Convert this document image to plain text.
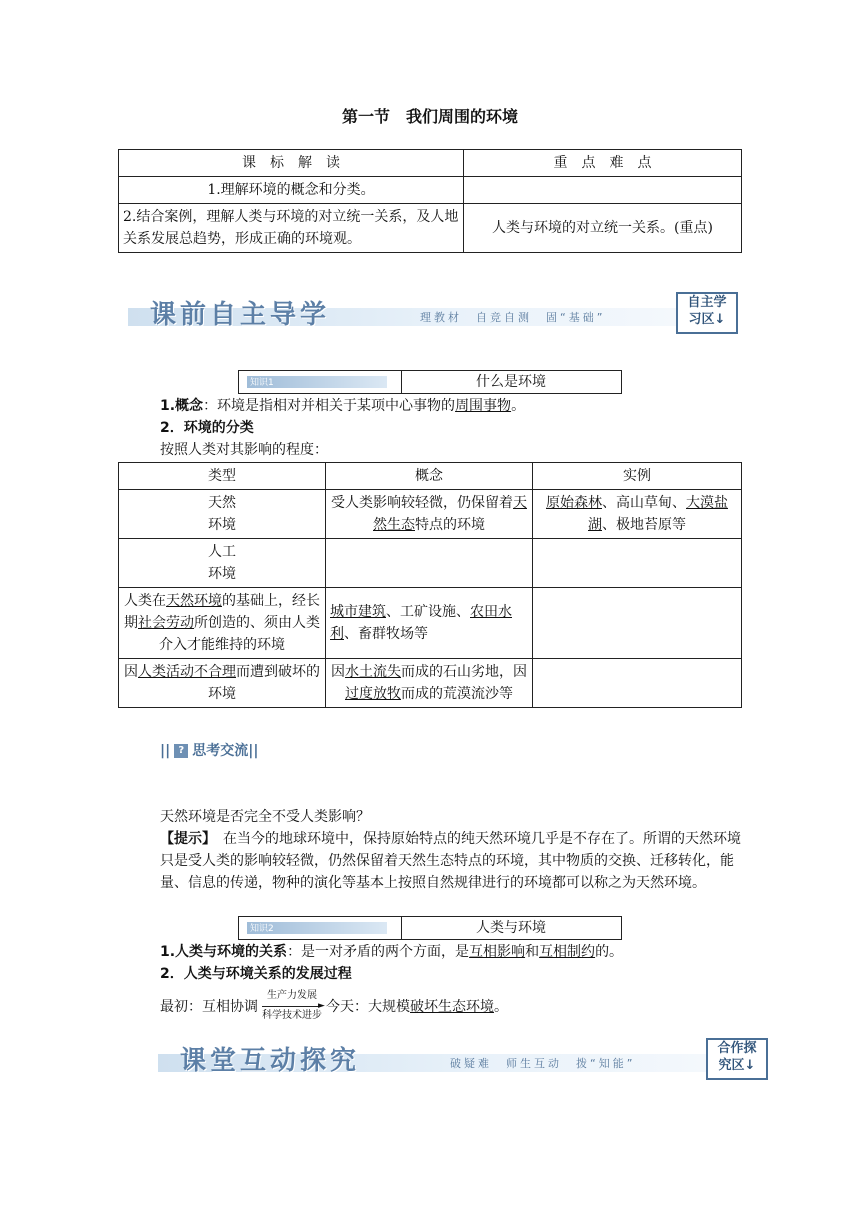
第一节　我们周围的环境
课　标　解　读	重　点　难　点
1.理解环境的概念和分类。	
2.结合案例，理解人类与环境的对立统一关系，及人地关系发展总趋势，形成正确的环境观。	人类与环境的对立统一关系。(重点)
课前自主导学	理教材　自竞自测　固“基础”
自主学
习区↓
知识1	什么是环境
1.概念：环境是指相对并相关于某项中心事物的周围事物。
2．环境的分类
按照人类对其影响的程度：
类型	概念	实例

天然
环境	受人类影响较轻微，仍保留着天然生态特点的环境	原始森林、高山草甸、大漠盐湖、极地苔原等

人工
环境		

人类在天然环境的基础上，经长期社会劳动所创造的、须由人类介入才能维持的环境	城市建筑、工矿设施、农田水利、畜群牧场等	
因人类活动不合理而遭到破坏的环境	因水土流失而成的石山劣地，因过度放牧而成的荒漠流沙等	
|| ? 思考交流||
天然环境是否完全不受人类影响？
【提示】　在当今的地球环境中，保持原始特点的纯天然环境几乎是不存在了。所谓的天然环境只是受人类的影响较轻微，仍然保留着天然生态特点的环境，其中物质的交换、迁移转化，能量、信息的传递，物种的演化等基本上按照自然规律进行的环境都可以称之为天然环境。
知识2	人类与环境
1.人类与环境的关系：是一对矛盾的两个方面，是互相影响和互相制约的。
2．人类与环境关系的发展过程
最初：互相协调
生产力发展
►
科学技术进步
今天：大规模破坏生态环境。
课堂互动探究	破疑难　师生互动　拨“知能”
合作探
究区↓
